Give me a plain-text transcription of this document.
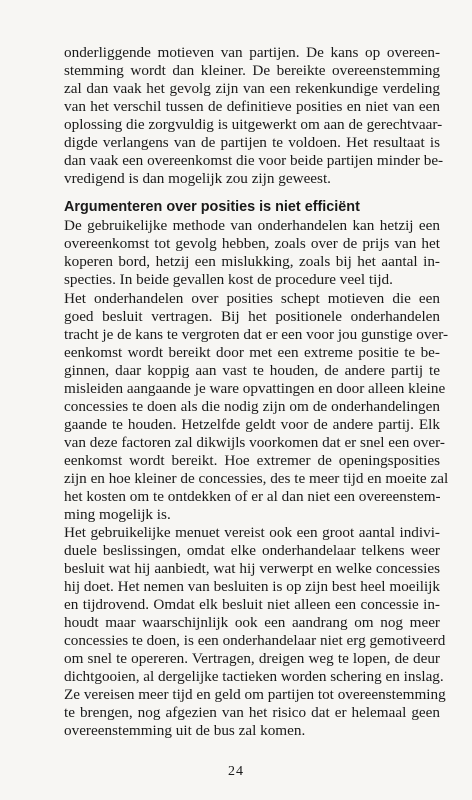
onderliggende motieven van partijen. De kans op overeen-
stemming wordt dan kleiner. De bereikte overeenstemming
zal dan vaak het gevolg zijn van een rekenkundige verdeling
van het verschil tussen de definitieve posities en niet van een
oplossing die zorgvuldig is uitgewerkt om aan de gerechtvaar-
digde verlangens van de partijen te voldoen. Het resultaat is
dan vaak een overeenkomst die voor beide partijen minder be-
vredigend is dan mogelijk zou zijn geweest.
Argumenteren over posities is niet efficiënt
De gebruikelijke methode van onderhandelen kan hetzij een
overeenkomst tot gevolg hebben, zoals over de prijs van het
koperen bord, hetzij een mislukking, zoals bij het aantal in-
specties. In beide gevallen kost de procedure veel tijd.
Het onderhandelen over posities schept motieven die een
goed besluit vertragen. Bij het positionele onderhandelen
tracht je de kans te vergroten dat er een voor jou gunstige over-
eenkomst wordt bereikt door met een extreme positie te be-
ginnen, daar koppig aan vast te houden, de andere partij te
misleiden aangaande je ware opvattingen en door alleen kleine
concessies te doen als die nodig zijn om de onderhandelingen
gaande te houden. Hetzelfde geldt voor de andere partij. Elk
van deze factoren zal dikwijls voorkomen dat er snel een over-
eenkomst wordt bereikt. Hoe extremer de openingsposities
zijn en hoe kleiner de concessies, des te meer tijd en moeite zal
het kosten om te ontdekken of er al dan niet een overeenstem-
ming mogelijk is.
Het gebruikelijke menuet vereist ook een groot aantal indivi-
duele beslissingen, omdat elke onderhandelaar telkens weer
besluit wat hij aanbiedt, wat hij verwerpt en welke concessies
hij doet. Het nemen van besluiten is op zijn best heel moeilijk
en tijdrovend. Omdat elk besluit niet alleen een concessie in-
houdt maar waarschijnlijk ook een aandrang om nog meer
concessies te doen, is een onderhandelaar niet erg gemotiveerd
om snel te opereren. Vertragen, dreigen weg te lopen, de deur
dichtgooien, al dergelijke tactieken worden schering en inslag.
Ze vereisen meer tijd en geld om partijen tot overeenstemming
te brengen, nog afgezien van het risico dat er helemaal geen
overeenstemming uit de bus zal komen.
24
